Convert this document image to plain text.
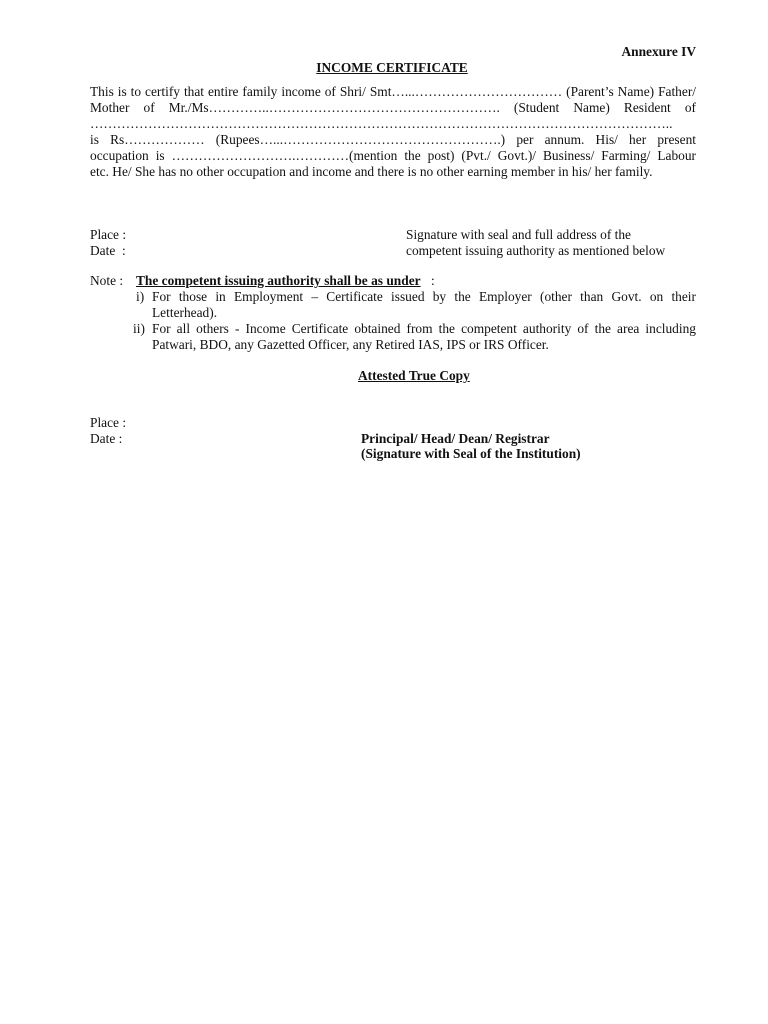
Annexure IV
INCOME CERTIFICATE
This is to certify that entire family income of Shri/ Smt…...…………………………… (Parent’s Name) Father/
Mother of Mr./Ms…………..……………………………………………. (Student Name) Resident of
…………………………………………………………………………………………………………………..
is Rs……………… (Rupees…...………………………………………….) per annum. His/ her present
occupation is ……………………….…………(mention the post) (Pvt./ Govt.)/ Business/ Farming/ Labour
etc. He/ She has no other occupation and income and there is no other earning member in his/ her family.
Place :
Date  :
Signature with seal and full address of the
competent issuing authority as mentioned below
Note : The competent issuing authority shall be as under :
i) For those in Employment – Certificate issued by the Employer (other than Govt. on their
Letterhead).
ii) For all others - Income Certificate obtained from the competent authority of the area including
Patwari, BDO, any Gazetted Officer, any Retired IAS, IPS or IRS Officer.
Attested True Copy
Place :
Date :	Principal/ Head/ Dean/ Registrar
(Signature with Seal of the Institution)
